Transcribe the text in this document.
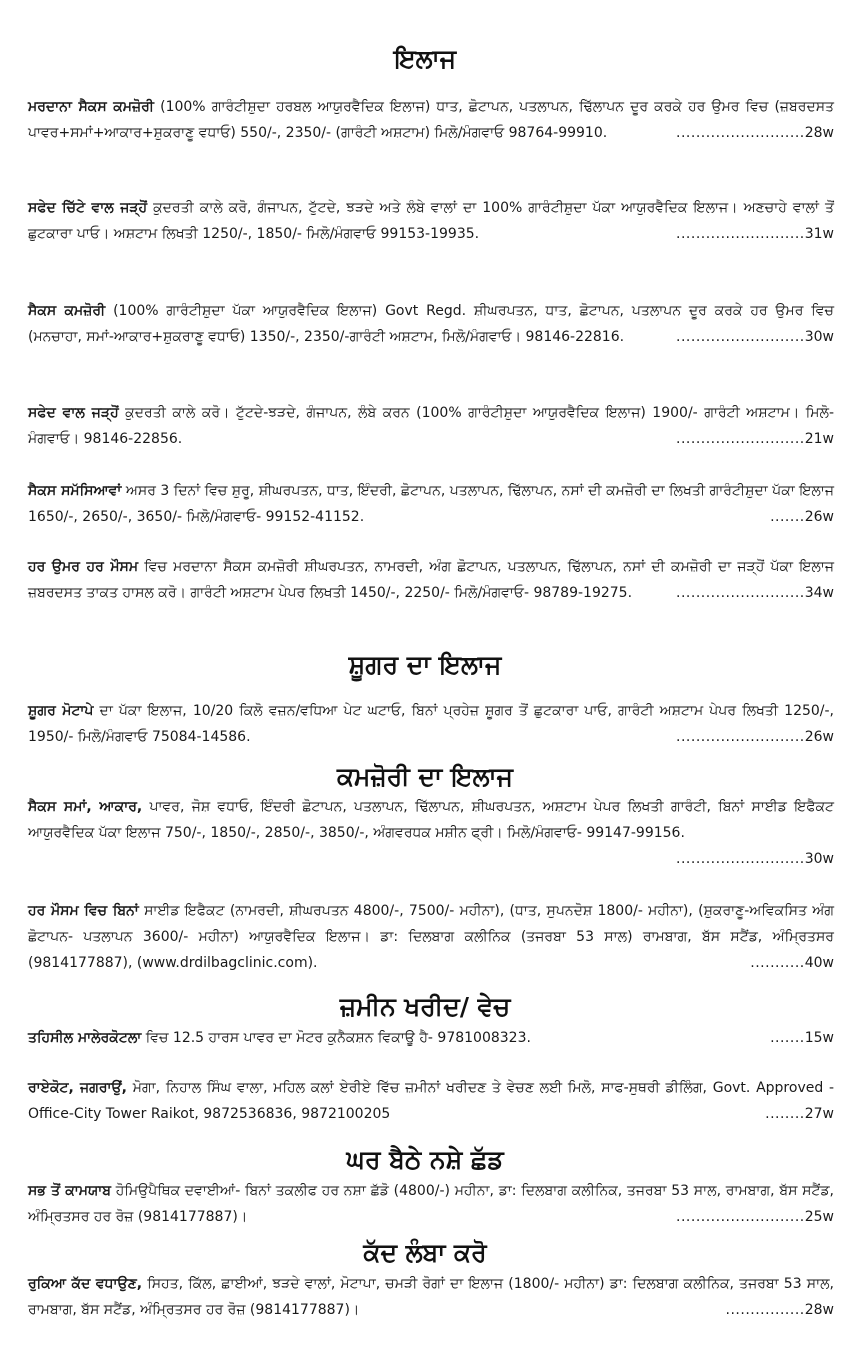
ਇਲਾਜ

ਮਰਦਾਨਾ ਸੈਕਸ ਕਮਜ਼ੋਰੀ (100% ਗਾਰੰਟੀਸ਼ੁਦਾ ਹਰਬਲ ਆਯੁਰਵੈਦਿਕ ਇਲਾਜ) ਧਾਤ, ਛੋਟਾਪਨ, ਪਤਲਾਪਨ, ਢਿੱਲਾਪਨ ਦੂਰ ਕਰਕੇ ਹਰ ਉਮਰ ਵਿਚ (ਜ਼ਬਰਦਸਤ ਪਾਵਰ+ਸਮਾਂ+ਆਕਾਰ+ਸ਼ੁਕਰਾਣੂ ਵਧਾਓ) 550/-, 2350/- (ਗਾਰੰਟੀ ਅਸ਼ਟਾਮ) ਮਿਲੋ/ਮੰਗਵਾਓ 98764-99910.	..........................28w

ਸਫੇਦ ਚਿੱਟੇ ਵਾਲ ਜੜ੍ਹੋਂ ਕੁਦਰਤੀ ਕਾਲੇ ਕਰੋ, ਗੰਜਾਪਨ, ਟੁੱਟਦੇ, ਝੜਦੇ ਅਤੇ ਲੰਬੇ ਵਾਲਾਂ ਦਾ 100% ਗਾਰੰਟੀਸ਼ੁਦਾ ਪੱਕਾ ਆਯੁਰਵੈਦਿਕ ਇਲਾਜ। ਅਣਚਾਹੇ ਵਾਲਾਂ ਤੋਂ ਛੁਟਕਾਰਾ ਪਾਓ। ਅਸ਼ਟਾਮ ਲਿਖਤੀ 1250/-, 1850/- ਮਿਲੋ/ਮੰਗਵਾਓ 99153-19935.	..........................31w

ਸੈਕਸ ਕਮਜ਼ੋਰੀ (100% ਗਾਰੰਟੀਸ਼ੁਦਾ ਪੱਕਾ ਆਯੁਰਵੈਦਿਕ ਇਲਾਜ) Govt Regd. ਸ਼ੀਘਰਪਤਨ, ਧਾਤ, ਛੋਟਾਪਨ, ਪਤਲਾਪਨ ਦੂਰ ਕਰਕੇ ਹਰ ਉਮਰ ਵਿਚ (ਮਨਚਾਹਾ, ਸਮਾਂ-ਆਕਾਰ+ਸ਼ੁਕਰਾਣੂ ਵਧਾਓ) 1350/-, 2350/-ਗਾਰੰਟੀ ਅਸ਼ਟਾਮ, ਮਿਲੋ/ਮੰਗਵਾਓ। 98146-22816.	..........................30w

ਸਫੇਦ ਵਾਲ ਜੜ੍ਹੋਂ ਕੁਦਰਤੀ ਕਾਲੇ ਕਰੋ। ਟੁੱਟਦੇ-ਝੜਦੇ, ਗੰਜਾਪਨ, ਲੰਬੇ ਕਰਨ (100% ਗਾਰੰਟੀਸ਼ੁਦਾ ਆਯੁਰਵੈਦਿਕ ਇਲਾਜ) 1900/- ਗਾਰੰਟੀ ਅਸ਼ਟਾਮ। ਮਿਲੋ-ਮੰਗਵਾਓ। 98146-22856.	..........................21w

ਸੈਕਸ ਸਮੱਸਿਆਵਾਂ ਅਸਰ 3 ਦਿਨਾਂ ਵਿਚ ਸ਼ੁਰੂ, ਸ਼ੀਘਰਪਤਨ, ਧਾਤ, ਇੰਦਰੀ, ਛੋਟਾਪਨ, ਪਤਲਾਪਨ, ਢਿੱਲਾਪਨ, ਨਸਾਂ ਦੀ ਕਮਜ਼ੋਰੀ ਦਾ ਲਿਖਤੀ ਗਾਰੰਟੀਸ਼ੁਦਾ ਪੱਕਾ ਇਲਾਜ 1650/-, 2650/-, 3650/- ਮਿਲੋ/ਮੰਗਵਾਓ- 99152-41152.	.......26w

ਹਰ ਉਮਰ ਹਰ ਮੌਸਮ ਵਿਚ ਮਰਦਾਨਾ ਸੈਕਸ ਕਮਜ਼ੋਰੀ ਸ਼ੀਘਰਪਤਨ, ਨਾਮਰਦੀ, ਅੰਗ ਛੋਟਾਪਨ, ਪਤਲਾਪਨ, ਢਿੱਲਾਪਨ, ਨਸਾਂ ਦੀ ਕਮਜ਼ੋਰੀ ਦਾ ਜੜ੍ਹੋਂ ਪੱਕਾ ਇਲਾਜ ਜ਼ਬਰਦਸਤ ਤਾਕਤ ਹਾਸਲ ਕਰੋ। ਗਾਰੰਟੀ ਅਸ਼ਟਾਮ ਪੇਪਰ ਲਿਖਤੀ 1450/-, 2250/- ਮਿਲੋ/ਮੰਗਵਾਓ- 98789-19275.	..........................34w

ਸ਼ੂਗਰ ਦਾ ਇਲਾਜ

ਸ਼ੂਗਰ ਮੋਟਾਪੇ ਦਾ ਪੱਕਾ ਇਲਾਜ, 10/20 ਕਿਲੋ ਵਜ਼ਨ/ਵਧਿਆ ਪੇਟ ਘਟਾਓ, ਬਿਨਾਂ ਪ੍ਰਹੇਜ਼ ਸ਼ੂਗਰ ਤੋਂ ਛੁਟਕਾਰਾ ਪਾਓ, ਗਾਰੰਟੀ ਅਸ਼ਟਾਮ ਪੇਪਰ ਲਿਖਤੀ 1250/-, 1950/- ਮਿਲੋ/ਮੰਗਵਾਓ 75084-14586.	..........................26w

ਕਮਜ਼ੋਰੀ ਦਾ ਇਲਾਜ

ਸੈਕਸ ਸਮਾਂ, ਆਕਾਰ, ਪਾਵਰ, ਜੋਸ਼ ਵਧਾਓ, ਇੰਦਰੀ ਛੋਟਾਪਨ, ਪਤਲਾਪਨ, ਢਿੱਲਾਪਨ, ਸ਼ੀਘਰਪਤਨ, ਅਸ਼ਟਾਮ ਪੇਪਰ ਲਿਖਤੀ ਗਾਰੰਟੀ, ਬਿਨਾਂ ਸਾਈਡ ਇਫੈਕਟ ਆਯੁਰਵੈਦਿਕ ਪੱਕਾ ਇਲਾਜ 750/-, 1850/-, 2850/-, 3850/-, ਅੰਗਵਰਧਕ ਮਸ਼ੀਨ ਫ੍ਰੀ। ਮਿਲੋ/ਮੰਗਵਾਓ- 99147-99156.
..........................30w

ਹਰ ਮੌਸਮ ਵਿਚ ਬਿਨਾਂ ਸਾਈਡ ਇਫੈਕਟ (ਨਾਮਰਦੀ, ਸ਼ੀਘਰਪਤਨ 4800/-, 7500/- ਮਹੀਨਾ), (ਧਾਤ, ਸੁਪਨਦੋਸ਼ 1800/- ਮਹੀਨਾ), (ਸ਼ੁਕਰਾਣੂ-ਅਵਿਕਸਿਤ ਅੰਗ ਛੋਟਾਪਨ- ਪਤਲਾਪਨ 3600/- ਮਹੀਨਾ) ਆਯੁਰਵੈਦਿਕ ਇਲਾਜ। ਡਾ: ਦਿਲਬਾਗ ਕਲੀਨਿਕ (ਤਜਰਬਾ 53 ਸਾਲ) ਰਾਮਬਾਗ, ਬੱਸ ਸਟੈਂਡ, ਅੰਮ੍ਰਿਤਸਰ (9814177887), (www.drdilbagclinic.com).	...........40w

ਜ਼ਮੀਨ ਖਰੀਦ/ ਵੇਚ

ਤਹਿਸੀਲ ਮਾਲੇਰਕੋਟਲਾ ਵਿਚ 12.5 ਹਾਰਸ ਪਾਵਰ ਦਾ ਮੋਟਰ ਕੁਨੈਕਸ਼ਨ ਵਿਕਾਊ ਹੈ- 9781008323.	.......15w

ਰਾਏਕੋਟ, ਜਗਰਾਉਂ, ਮੋਗਾ, ਨਿਹਾਲ ਸਿੰਘ ਵਾਲਾ, ਮਹਿਲ ਕਲਾਂ ਏਰੀਏ ਵਿੱਚ ਜ਼ਮੀਨਾਂ ਖਰੀਦਣ ਤੇ ਵੇਚਣ ਲਈ ਮਿਲੋ, ਸਾਫ-ਸੁਥਰੀ ਡੀਲਿੰਗ, Govt. Approved - Office-City Tower Raikot, 9872536836, 9872100205	........27w

ਘਰ ਬੈਠੇ ਨਸ਼ੇ ਛੱਡ

ਸਭ ਤੋਂ ਕਾਮਯਾਬ ਹੋਮਿਉਪੈਥਿਕ ਦਵਾਈਆਂ- ਬਿਨਾਂ ਤਕਲੀਫ ਹਰ ਨਸ਼ਾ ਛੱਡੋ (4800/-) ਮਹੀਨਾ, ਡਾ: ਦਿਲਬਾਗ ਕਲੀਨਿਕ, ਤਜਰਬਾ 53 ਸਾਲ, ਰਾਮਬਾਗ, ਬੱਸ ਸਟੈਂਡ, ਅੰਮ੍ਰਿਤਸਰ ਹਰ ਰੋਜ਼ (9814177887)।	..........................25w

ਕੱਦ ਲੰਬਾ ਕਰੋ

ਰੁਕਿਆ ਕੱਦ ਵਧਾਉਣ, ਸਿਹਤ, ਕਿੱਲ, ਛਾਈਆਂ, ਝੜਦੇ ਵਾਲਾਂ, ਮੋਟਾਪਾ, ਚਮੜੀ ਰੋਗਾਂ ਦਾ ਇਲਾਜ (1800/- ਮਹੀਨਾ) ਡਾ: ਦਿਲਬਾਗ ਕਲੀਨਿਕ, ਤਜਰਬਾ 53 ਸਾਲ, ਰਾਮਬਾਗ, ਬੱਸ ਸਟੈਂਡ, ਅੰਮ੍ਰਿਤਸਰ ਹਰ ਰੋਜ਼ (9814177887)।	................28w
